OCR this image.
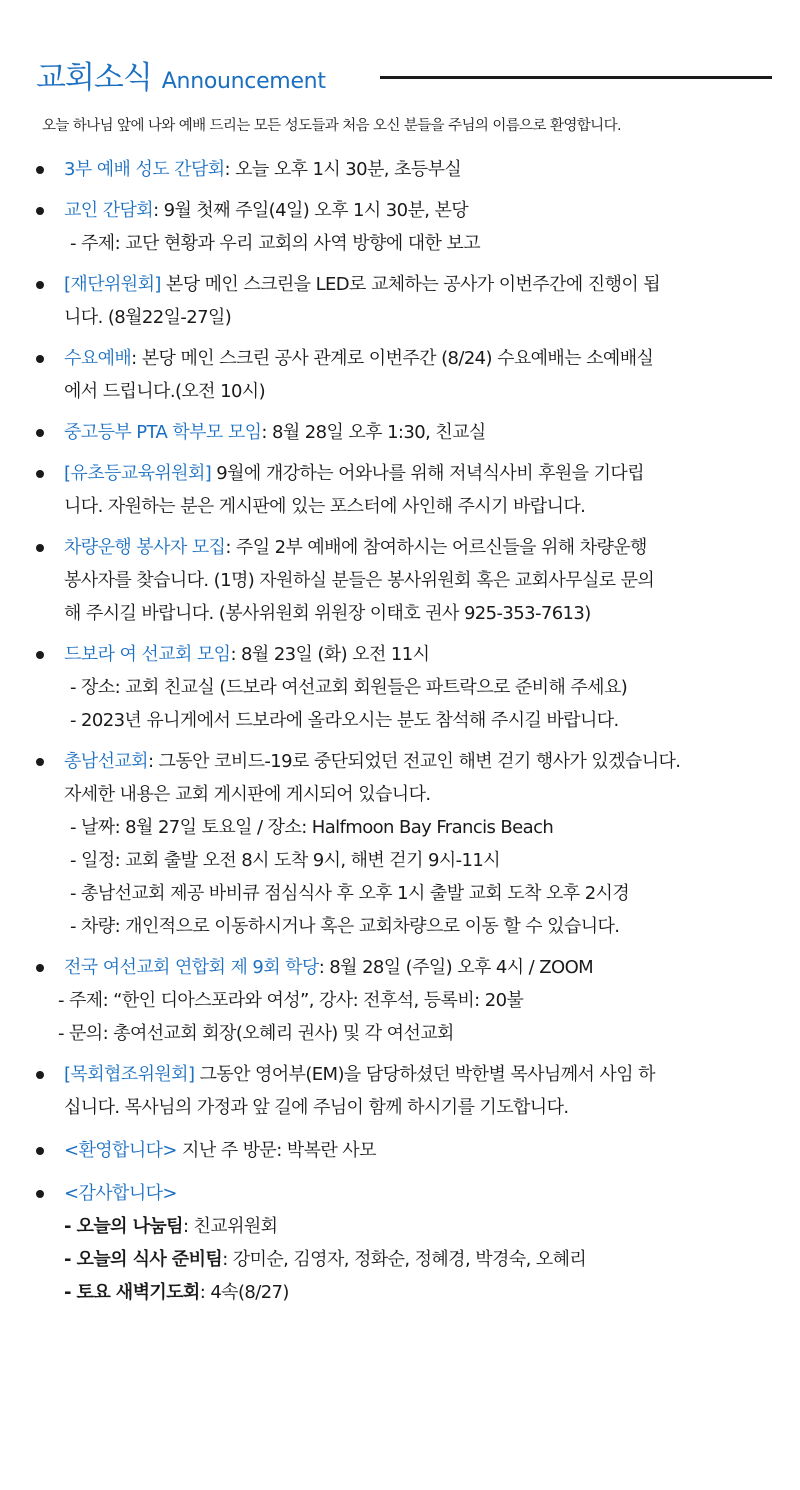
교회소식 Announcement
오늘 하나님 앞에 나와 예배 드리는 모든 성도들과 처음 오신 분들을 주님의 이름으로 환영합니다.
3부 예배 성도 간담회: 오늘 오후 1시 30분, 초등부실
교인 간담회: 9월 첫째 주일(4일) 오후 1시 30분, 본당
- 주제: 교단 현황과 우리 교회의 사역 방향에 대한 보고
[재단위원회] 본당 메인 스크린을 LED로 교체하는 공사가 이번주간에 진행이 됩
니다. (8월22일-27일)
수요예배: 본당 메인 스크린 공사 관계로 이번주간 (8/24) 수요예배는 소예배실
에서 드립니다.(오전 10시)
중고등부 PTA 학부모 모임: 8월 28일 오후 1:30, 친교실
[유초등교육위원회] 9월에 개강하는 어와나를 위해 저녁식사비 후원을 기다립
니다. 자원하는 분은 게시판에 있는 포스터에 사인해 주시기 바랍니다.
차량운행 봉사자 모집: 주일 2부 예배에 참여하시는 어르신들을 위해 차량운행
봉사자를 찾습니다. (1명) 자원하실 분들은 봉사위원회 혹은 교회사무실로 문의
해 주시길 바랍니다. (봉사위원회 위원장 이태호 권사 925-353-7613)
드보라 여 선교회 모임: 8월 23일 (화) 오전 11시
- 장소: 교회 친교실 (드보라 여선교회 회원들은 파트락으로 준비해 주세요)
- 2023년 유니게에서 드보라에 올라오시는 분도 참석해 주시길 바랍니다.
총남선교회: 그동안 코비드-19로 중단되었던 전교인 해변 걷기 행사가 있겠습니다.
자세한 내용은 교회 게시판에 게시되어 있습니다.
- 날짜: 8월 27일 토요일 / 장소: Halfmoon Bay Francis Beach
- 일정: 교회 출발 오전 8시 도착 9시, 해변 걷기 9시-11시
- 총남선교회 제공 바비큐 점심식사 후 오후 1시 출발 교회 도착 오후 2시경
- 차량: 개인적으로 이동하시거나 혹은 교회차량으로 이동 할 수 있습니다.
전국 여선교회 연합회 제 9회 학당: 8월 28일 (주일) 오후 4시 / ZOOM
- 주제: “한인 디아스포라와 여성”, 강사: 전후석, 등록비: 20불
- 문의: 총여선교회 회장(오혜리 권사) 및 각 여선교회
[목회협조위원회] 그동안 영어부(EM)을 담당하셨던 박한별 목사님께서 사임 하
십니다. 목사님의 가정과 앞 길에 주님이 함께 하시기를 기도합니다.
<환영합니다> 지난 주 방문: 박복란 사모
<감사합니다>
- 오늘의 나눔팀: 친교위원회
- 오늘의 식사 준비팀: 강미순, 김영자, 정화순, 정혜경, 박경숙, 오혜리
- 토요 새벽기도회: 4속(8/27)
